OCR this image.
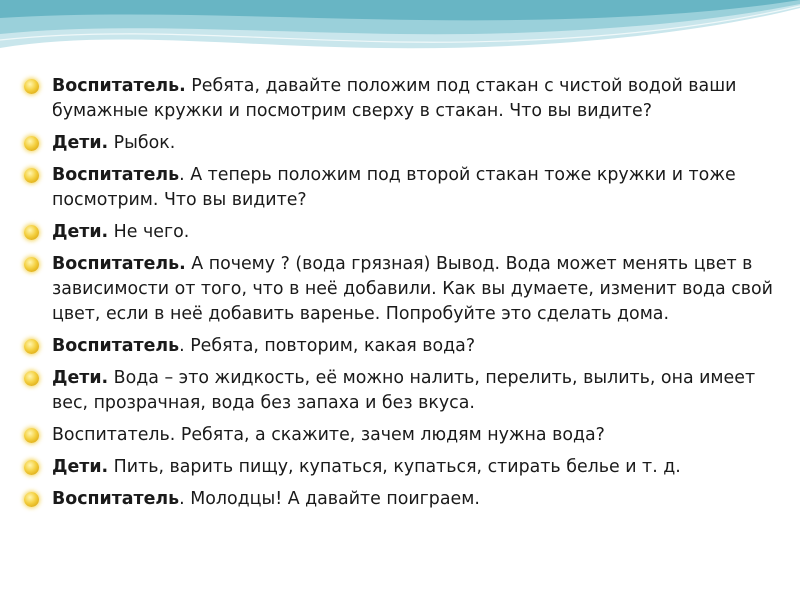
Воспитатель. Ребята, давайте положим под стакан с чистой водой ваши бумажные кружки и посмотрим сверху в стакан. Что вы видите?
Дети. Рыбок.
Воспитатель. А теперь положим под второй стакан тоже кружки и тоже посмотрим. Что вы видите?
Дети. Не чего.
Воспитатель. А почему ? (вода грязная) Вывод. Вода может менять цвет в зависимости от того, что в неё добавили. Как вы думаете, изменит вода свой цвет, если в неё добавить варенье. Попробуйте это сделать дома.
Воспитатель. Ребята, повторим, какая вода?
Дети. Вода – это жидкость, её можно налить, перелить, вылить, она имеет вес, прозрачная, вода без запаха и без вкуса.
Воспитатель. Ребята, а скажите, зачем людям нужна вода?
Дети. Пить, варить пищу, купаться, купаться, стирать белье и т. д.
Воспитатель. Молодцы! А давайте поиграем.
